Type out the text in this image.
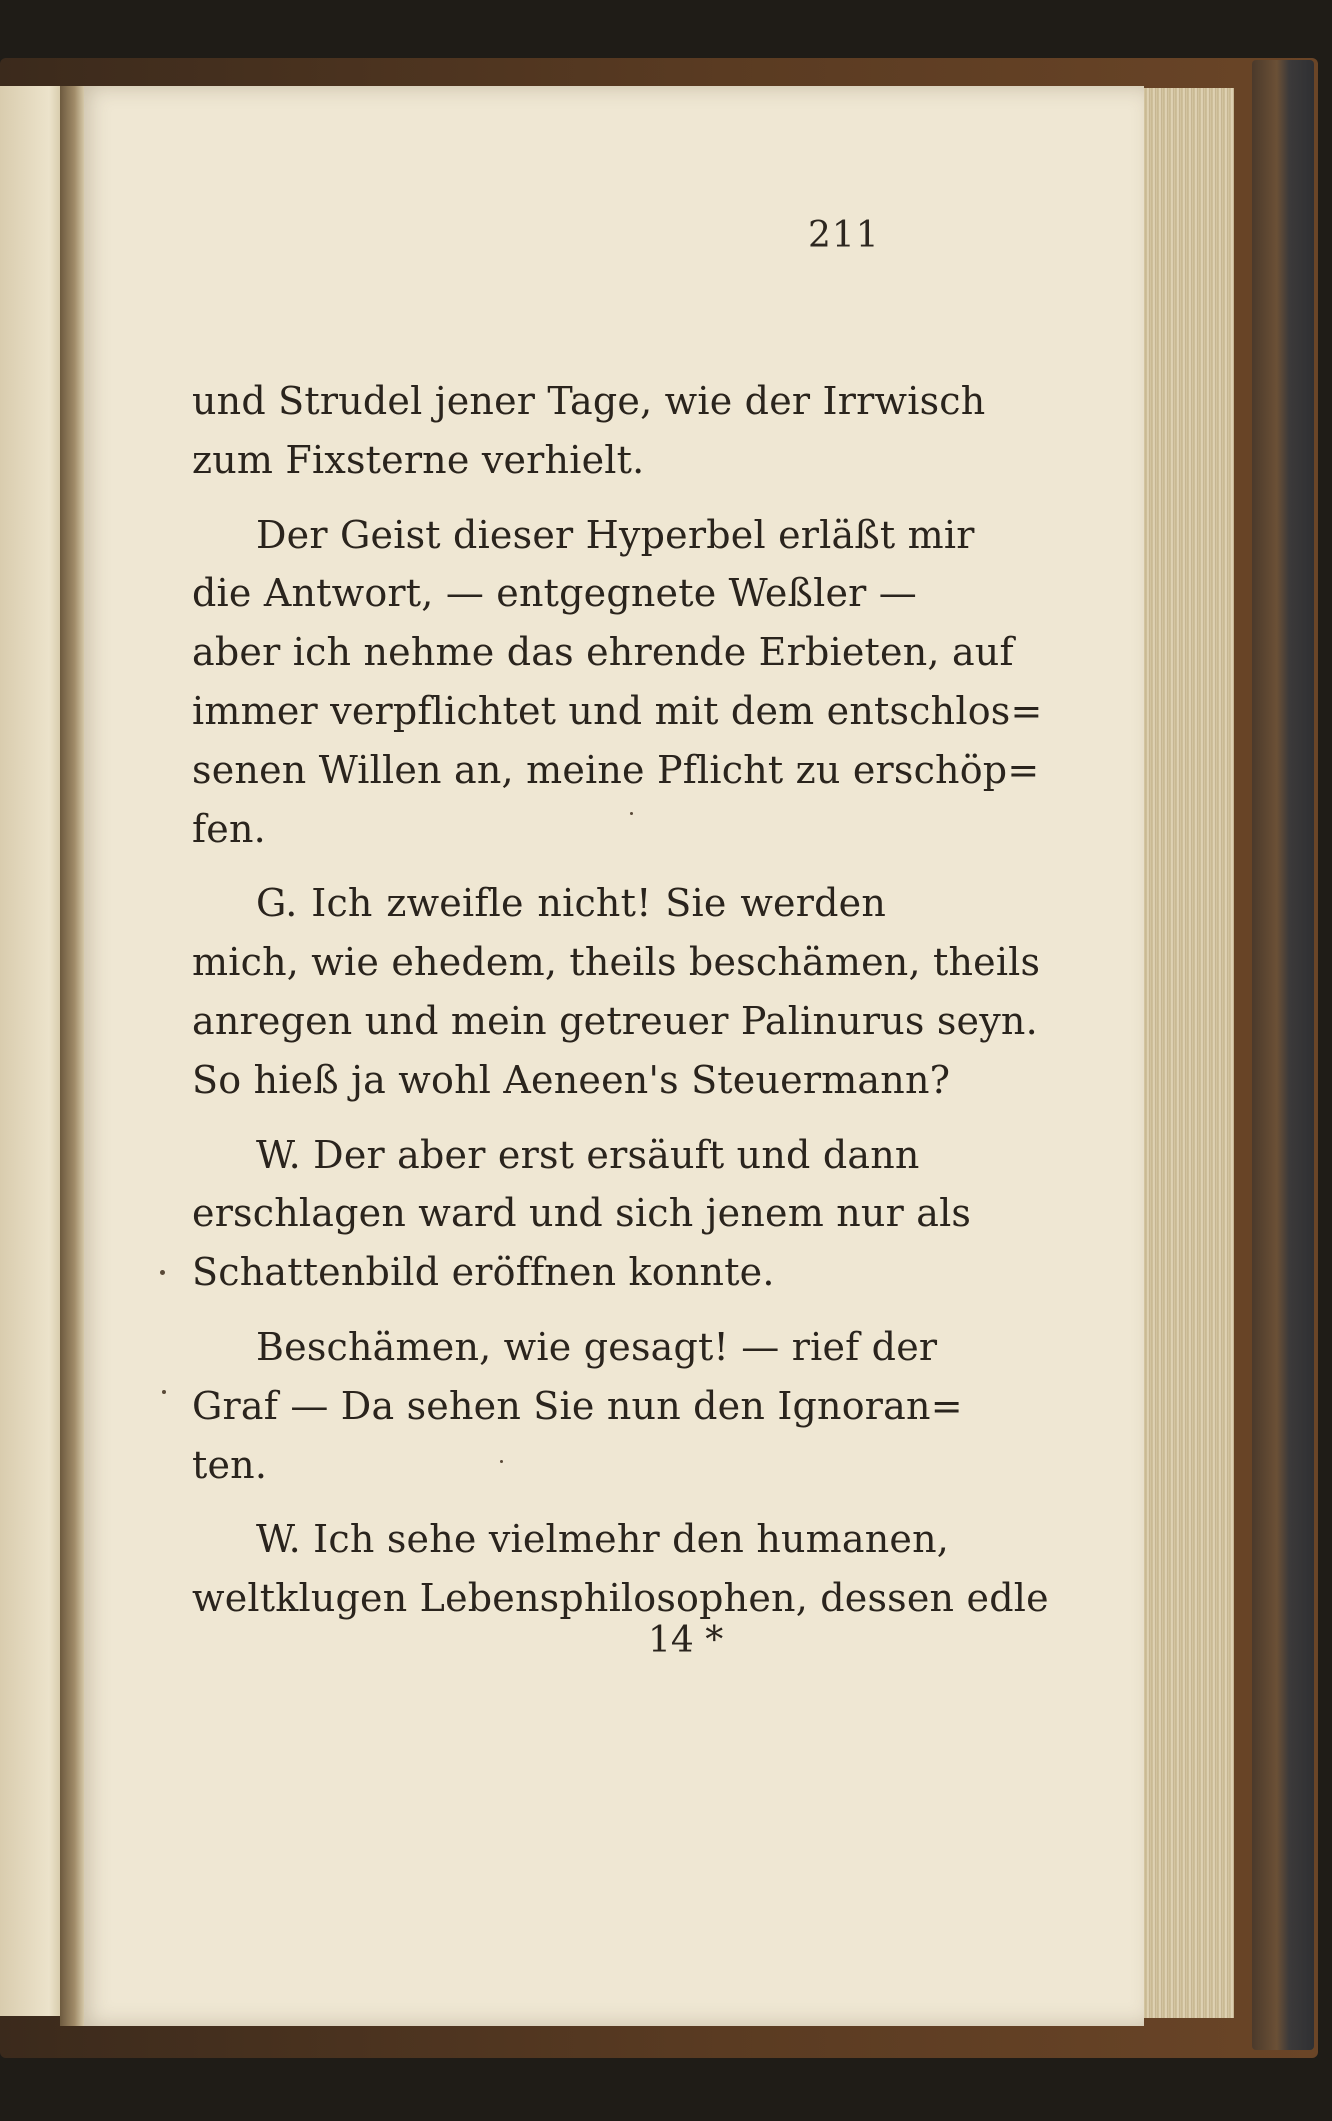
211
und Strudel jener Tage, wie der Irrwisch
zum Fixsterne verhielt.
Der Geist dieser Hyperbel erläßt mir
die Antwort, — entgegnete Weßler —
aber ich nehme das ehrende Erbieten, auf
immer verpflichtet und mit dem entschlos=
senen Willen an, meine Pflicht zu erschöp=
fen.
G. Ich zweifle nicht! Sie werden
mich, wie ehedem, theils beschämen, theils
anregen und mein getreuer Palinurus seyn.
So hieß ja wohl Aeneen's Steuermann?
W. Der aber erst ersäuft und dann
erschlagen ward und sich jenem nur als
Schattenbild eröffnen konnte.
Beschämen, wie gesagt! — rief der
Graf — Da sehen Sie nun den Ignoran=
ten.
W. Ich sehe vielmehr den humanen,
weltklugen Lebensphilosophen, dessen edle
14 *
